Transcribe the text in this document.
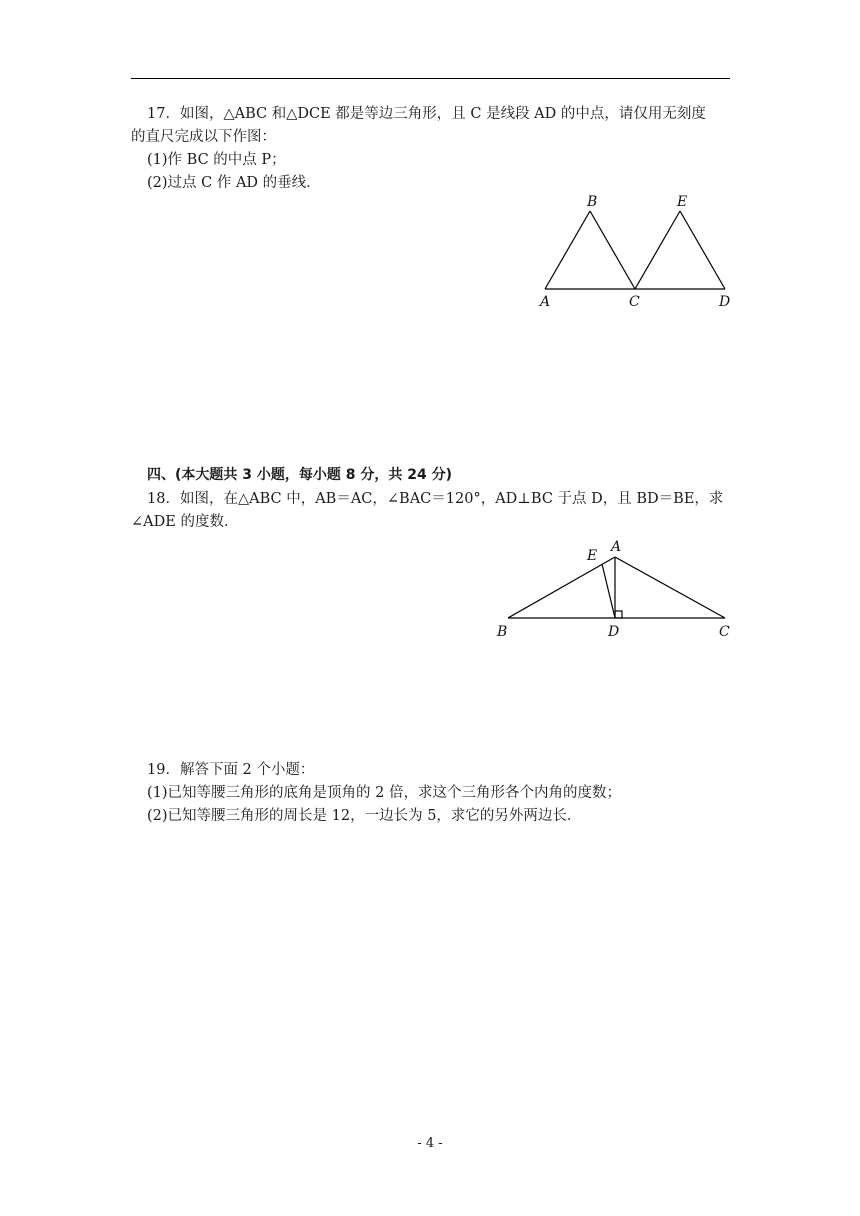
17．如图，△ABC 和△DCE 都是等边三角形，且 C 是线段 AD 的中点，请仅用无刻度
的直尺完成以下作图：
(1)作 BC 的中点 P；
(2)过点 C 作 AD 的垂线．
B	E
A	C	D
四、(本大题共 3 小题，每小题 8 分，共 24 分)
18．如图，在△ABC 中，AB＝AC，∠BAC＝120°，AD⊥BC 于点 D，且 BD＝BE，求
∠ADE 的度数．
E
A
B	D	C
19．解答下面 2 个小题：
(1)已知等腰三角形的底角是顶角的 2 倍，求这个三角形各个内角的度数；
(2)已知等腰三角形的周长是 12，一边长为 5，求它的另外两边长．
- 4 -
